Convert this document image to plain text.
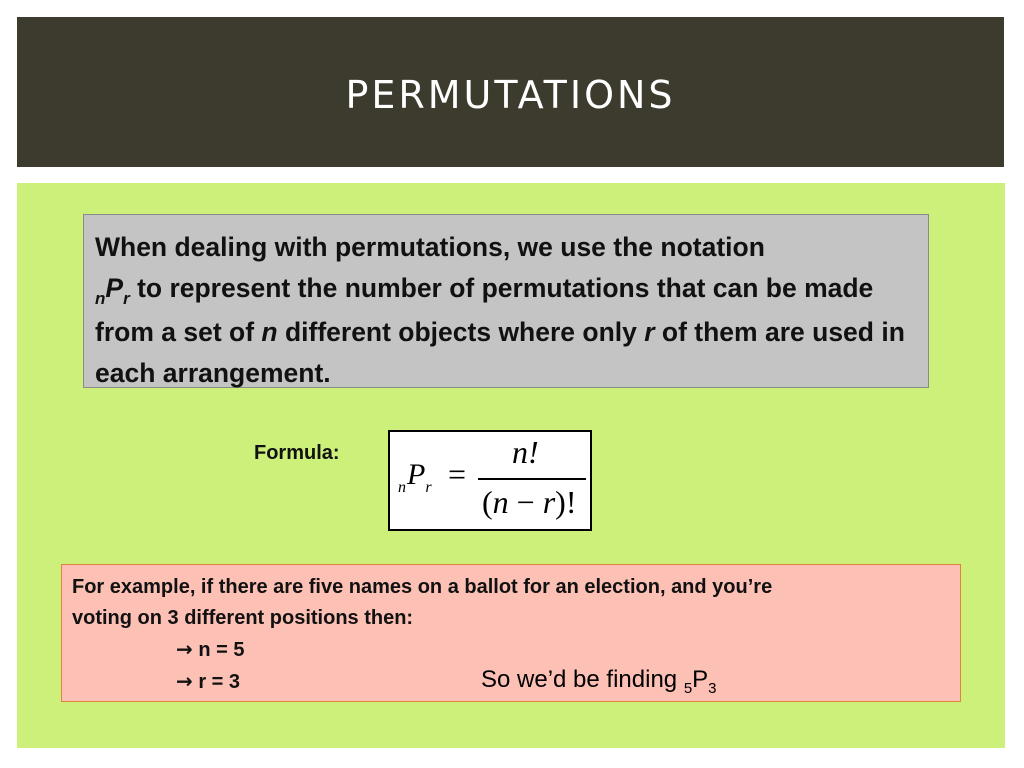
PERMUTATIONS
When dealing with permutations, we use the notation
$_nP_r$ to represent the number of permutations that can be made from a set of n different objects where only r of them are used in each arrangement.
Formula:
$_nP_r$ =
n!
(n − r)!
For example, if there are five names on a ballot for an election, and you’re
voting on 3 different positions then:
→ n = 5
→ r = 3	So we’d be finding $_5P_3$
